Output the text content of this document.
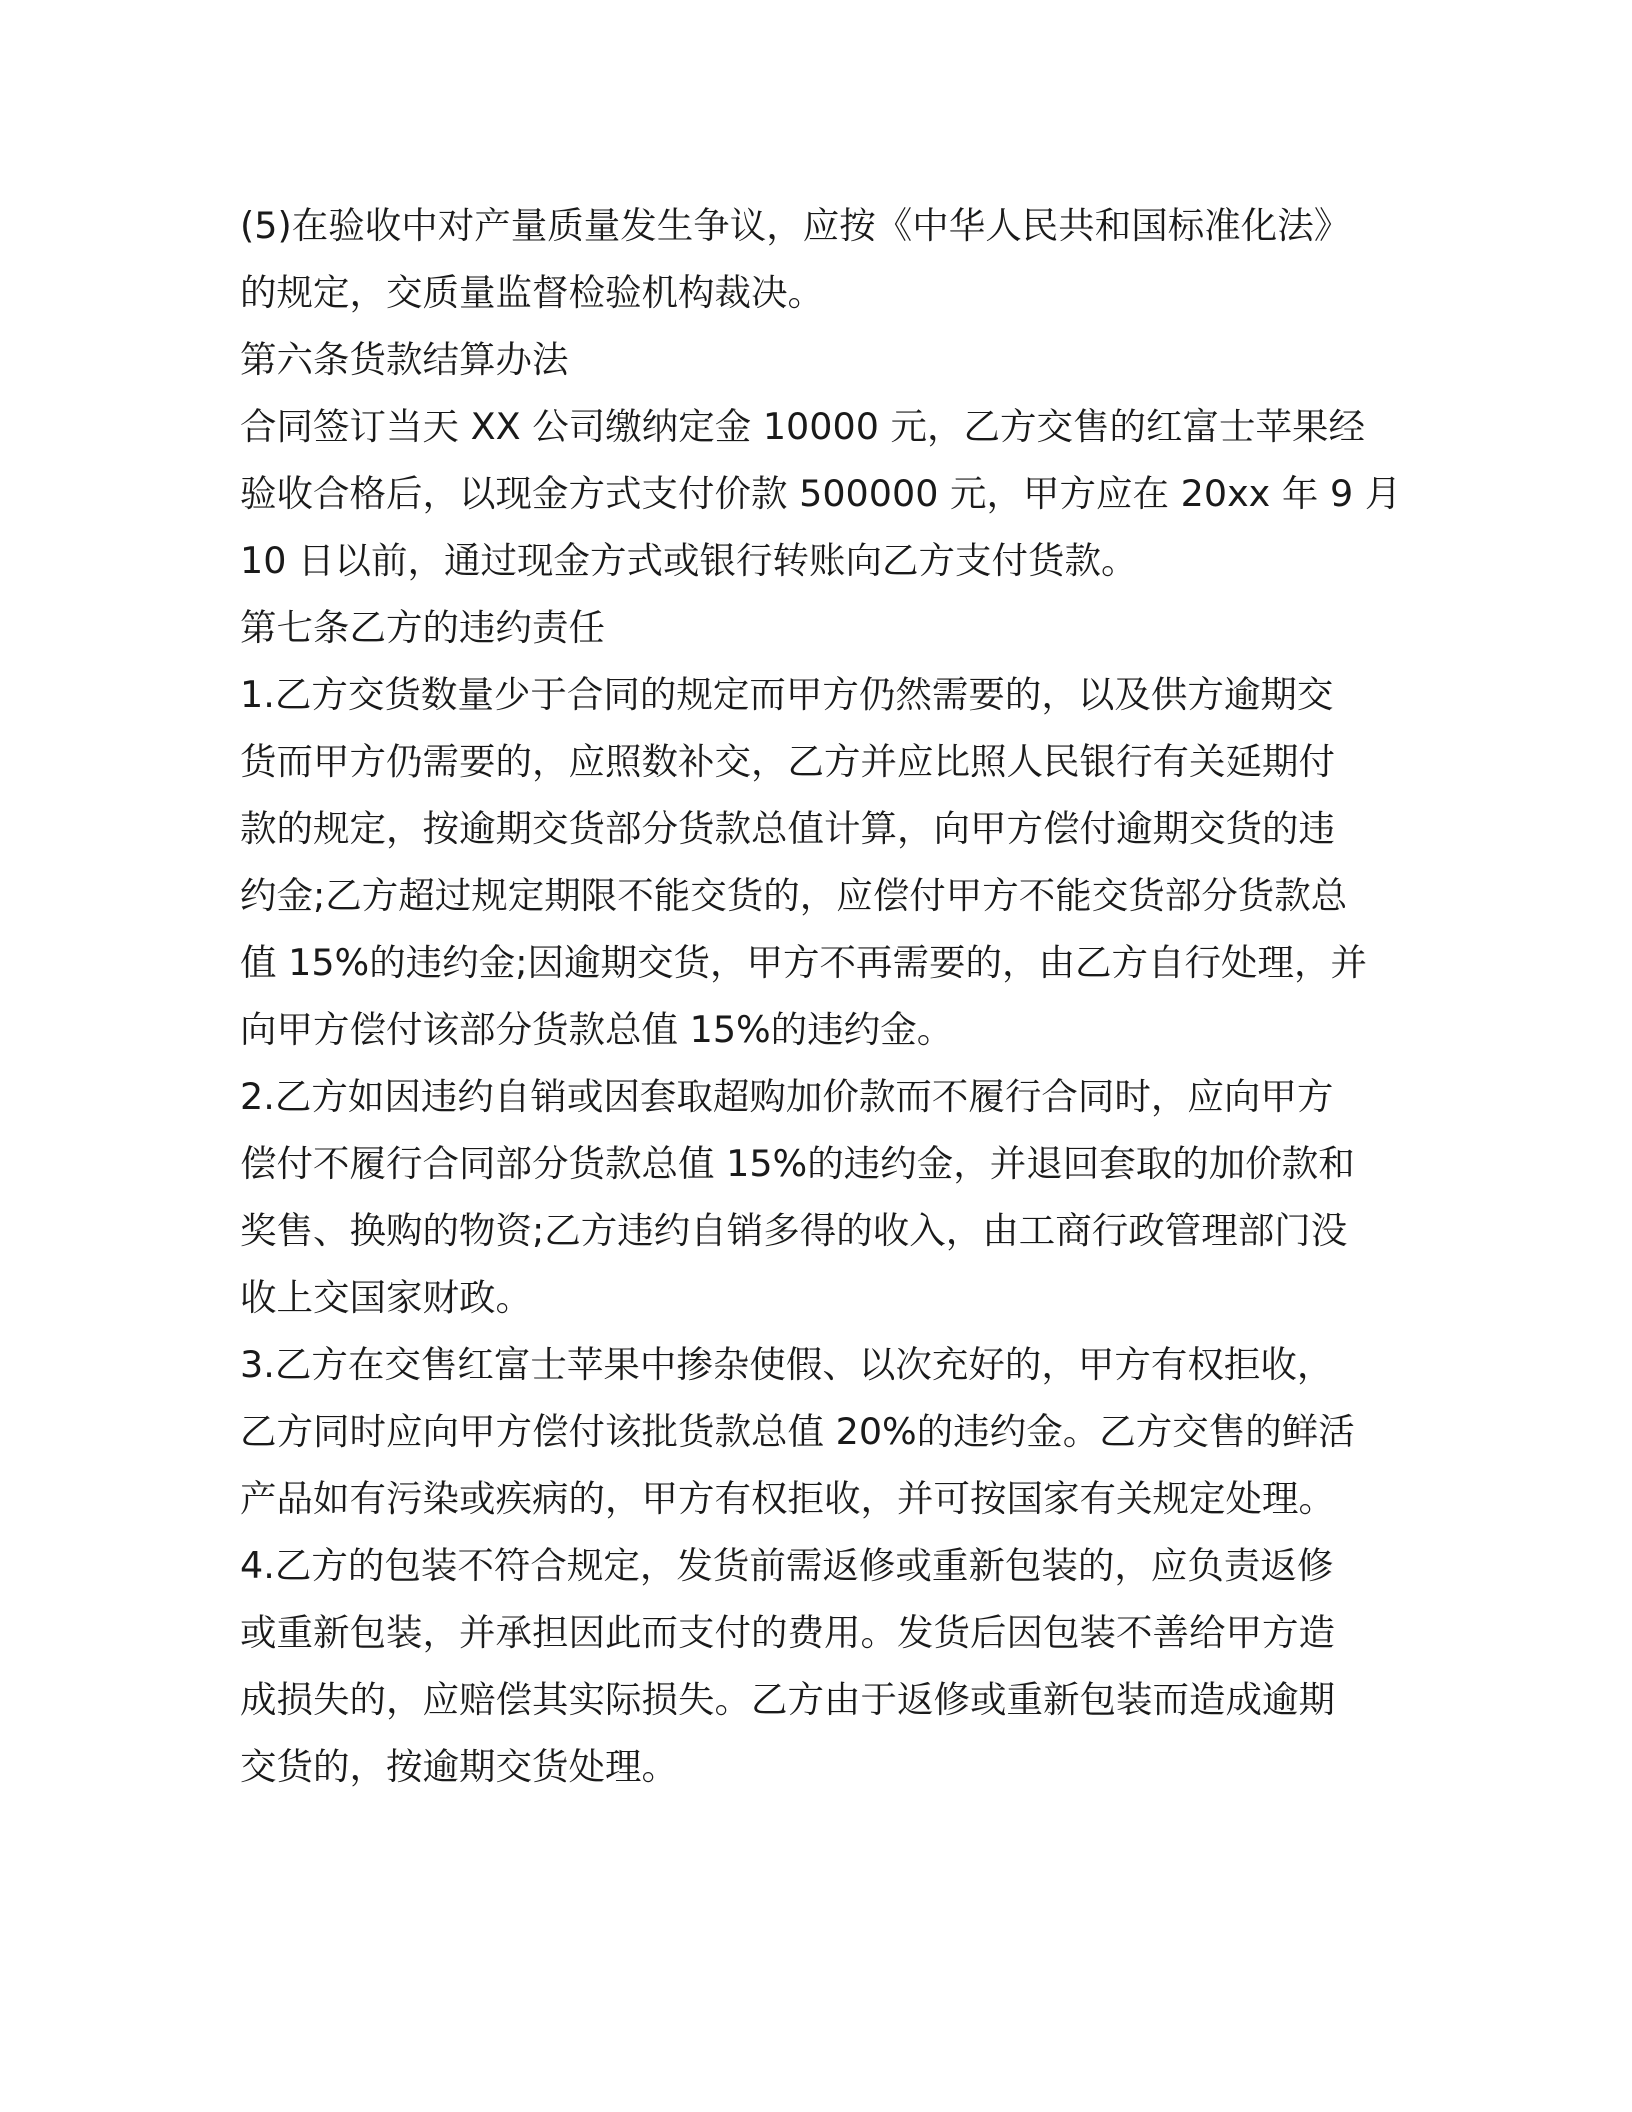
(5)在验收中对产量质量发生争议，应按《中华人民共和国标准化法》
的规定，交质量监督检验机构裁决。
第六条货款结算办法
合同签订当天 XX 公司缴纳定金 10000 元，乙方交售的红富士苹果经
验收合格后，以现金方式支付价款 500000 元，甲方应在 20xx 年 9 月
10 日以前，通过现金方式或银行转账向乙方支付货款。
第七条乙方的违约责任
1.乙方交货数量少于合同的规定而甲方仍然需要的，以及供方逾期交
货而甲方仍需要的，应照数补交，乙方并应比照人民银行有关延期付
款的规定，按逾期交货部分货款总值计算，向甲方偿付逾期交货的违
约金;乙方超过规定期限不能交货的，应偿付甲方不能交货部分货款总
值 15%的违约金;因逾期交货，甲方不再需要的，由乙方自行处理，并
向甲方偿付该部分货款总值 15%的违约金。
2.乙方如因违约自销或因套取超购加价款而不履行合同时，应向甲方
偿付不履行合同部分货款总值 15%的违约金，并退回套取的加价款和
奖售、换购的物资;乙方违约自销多得的收入，由工商行政管理部门没
收上交国家财政。
3.乙方在交售红富士苹果中掺杂使假、以次充好的，甲方有权拒收，
乙方同时应向甲方偿付该批货款总值 20%的违约金。乙方交售的鲜活
产品如有污染或疾病的，甲方有权拒收，并可按国家有关规定处理。
4.乙方的包装不符合规定，发货前需返修或重新包装的，应负责返修
或重新包装，并承担因此而支付的费用。发货后因包装不善给甲方造
成损失的，应赔偿其实际损失。乙方由于返修或重新包装而造成逾期
交货的，按逾期交货处理。
